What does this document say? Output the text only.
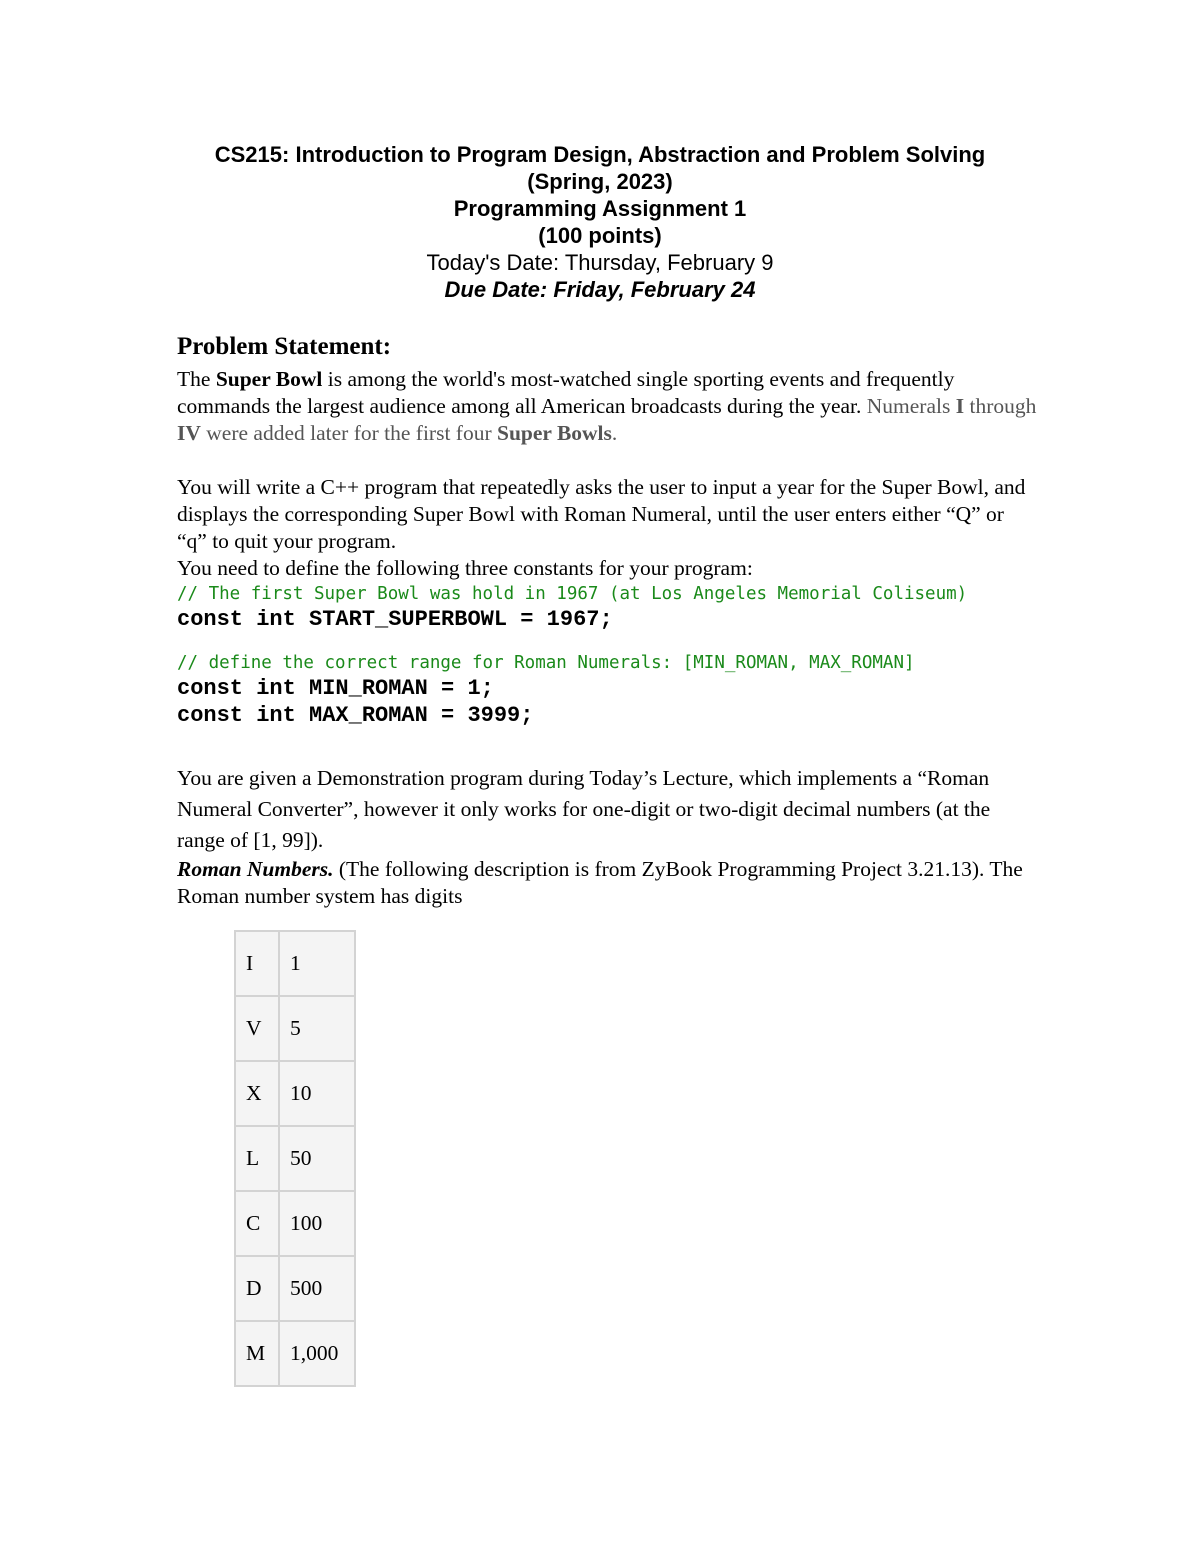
CS215: Introduction to Program Design, Abstraction and Problem Solving
(Spring, 2023)
Programming Assignment 1
(100 points)
Today's Date: Thursday, February 9
Due Date: Friday, February 24
Problem Statement:

The Super Bowl is among the world's most-watched single sporting events and frequently commands the largest audience among all American broadcasts during the year. Numerals I through IV were added later for the first four Super Bowls.

You will write a C++ program that repeatedly asks the user to input a year for the Super Bowl, and displays the corresponding Super Bowl with Roman Numeral, until the user enters either “Q” or “q” to quit your program.

You need to define the following three constants for your program:

// The first Super Bowl was hold in 1967 (at Los Angeles Memorial Coliseum)
const int START_SUPERBOWL = 1967;
// define the correct range for Roman Numerals: [MIN_ROMAN, MAX_ROMAN]
const int MIN_ROMAN = 1;
const int MAX_ROMAN = 3999;

You are given a Demonstration program during Today’s Lecture, which implements a “Roman Numeral Converter”, however it only works for one-digit or two-digit decimal numbers (at the range of [1, 99]).

Roman Numbers. (The following description is from ZyBook Programming Project 3.21.13). The Roman number system has digits

I	1
V	5
X	10
L	50
C	100
D	500
M	1,000
